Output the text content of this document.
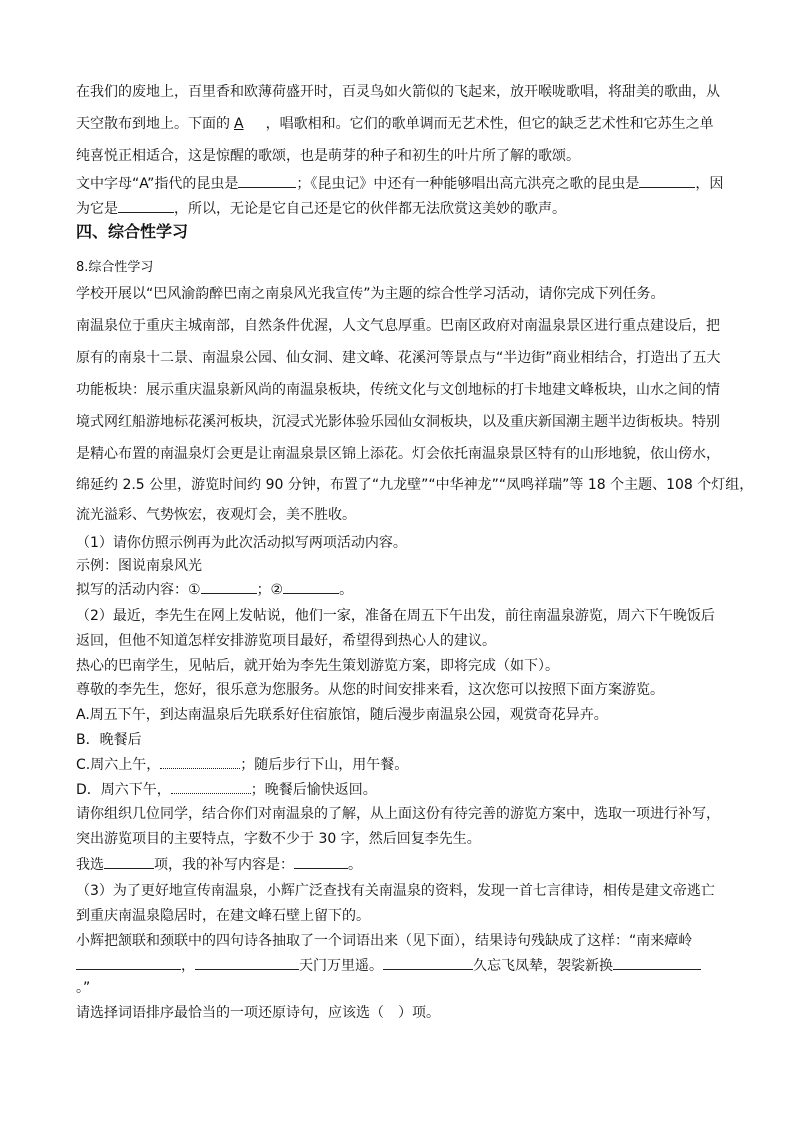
在我们的废地上，百里香和欧薄荷盛开时，百灵鸟如火箭似的飞起来，放开喉咙歌唱，将甜美的歌曲，从
天空散布到地上。下面的 A ，唱歌相和。它们的歌单调而无艺术性，但它的缺乏艺术性和它苏生之单
纯喜悦正相适合，这是惊醒的歌颂，也是萌芽的种子和初生的叶片所了解的歌颂。
文中字母“A”指代的昆虫是	；《昆虫记》中还有一种能够唱出高亢洪亮之歌的昆虫是	，因
为它是	，所以，无论是它自己还是它的伙伴都无法欣赏这美妙的歌声。
四、综合性学习
8.综合性学习
学校开展以“巴风渝韵醉巴南之南泉风光我宣传”为主题的综合性学习活动，请你完成下列任务。
南温泉位于重庆主城南部，自然条件优渥，人文气息厚重。巴南区政府对南温泉景区进行重点建设后，把
原有的南泉十二景、南温泉公园、仙女洞、建文峰、花溪河等景点与“半边街”商业相结合，打造出了五大
功能板块：展示重庆温泉新风尚的南温泉板块，传统文化与文创地标的打卡地建文峰板块，山水之间的情
境式网红船游地标花溪河板块，沉浸式光影体验乐园仙女洞板块，以及重庆新国潮主题半边街板块。特别
是精心布置的南温泉灯会更是让南温泉景区锦上添花。灯会依托南温泉景区特有的山形地貌，依山傍水，
绵延约 2.5 公里，游览时间约 90 分钟，布置了“九龙壁”“中华神龙”“凤鸣祥瑞”等 18 个主题、108 个灯组，
流光溢彩、气势恢宏，夜观灯会，美不胜收。
（1）请你仿照示例再为此次活动拟写两项活动内容。
示例：图说南泉风光
拟写的活动内容：①	；②	。
（2）最近，李先生在网上发帖说，他们一家，准备在周五下午出发，前往南温泉游览，周六下午晚饭后
返回，但他不知道怎样安排游览项目最好，希望得到热心人的建议。
热心的巴南学生，见帖后，就开始为李先生策划游览方案，即将完成（如下）。
尊敬的李先生，您好，很乐意为您服务。从您的时间安排来看，这次您可以按照下面方案游览。
A.周五下午，到达南温泉后先联系好住宿旅馆，随后漫步南温泉公园，观赏奇花异卉。
B．晚餐后
C.周六上午，	；随后步行下山，用午餐。
D．周六下午，	；晚餐后愉快返回。
请你组织几位同学，结合你们对南温泉的了解，从上面这份有待完善的游览方案中，选取一项进行补写，
突出游览项目的主要特点，字数不少于 30 字，然后回复李先生。
我选	项，我的补写内容是：	。
（3）为了更好地宣传南温泉，小辉广泛查找有关南温泉的资料，发现一首七言律诗，相传是建文帝逃亡
到重庆南温泉隐居时，在建文峰石壁上留下的。
小辉把颔联和颈联中的四句诗各抽取了一个词语出来（见下面），结果诗句残缺成了这样：“南来瘴岭
，	天门万里遥。	久忘飞凤辇，袈裟新换
。”
请选择词语排序最恰当的一项还原诗句，应该选（　）项。
